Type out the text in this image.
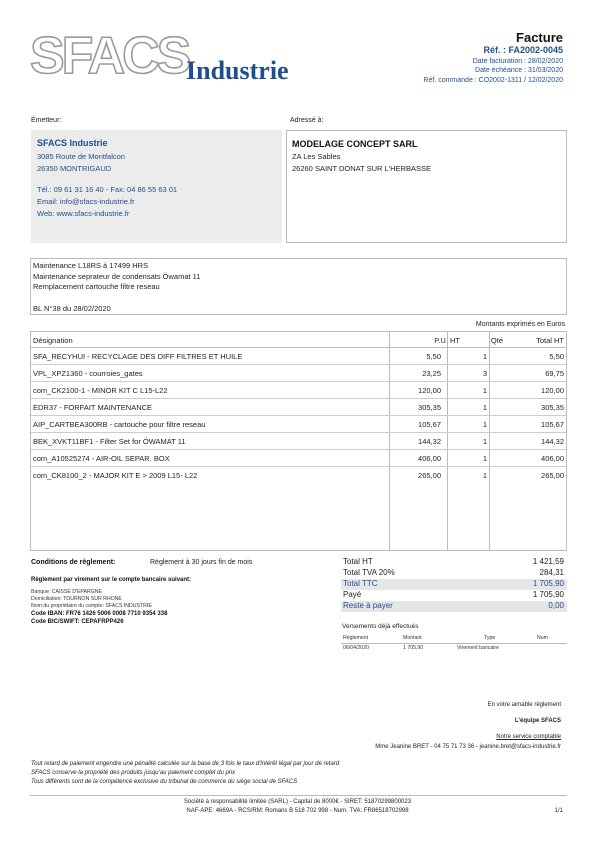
SFACS
Industrie
Facture
Réf. : FA2002-0045
Date facturation : 28/02/2020
Date échéance : 31/03/2020
Réf. commande : CO2002-1311 / 12/02/2020
Émetteur:
SFACS Industrie
3085 Route de Montfalcon
26350 MONTRIGAUD
Tél.: 09 61 31 16 40 - Fax: 04 86 55 63 01
Email: info@sfacs-industrie.fr
Web: www.sfacs-industrie.fr
Adressé à:
MODELAGE CONCEPT SARL
ZA Les Sables
26260 SAINT DONAT SUR L'HERBASSE
Maintenance L18RS à 17499 HRS
Maintenance seprateur de condensats Öwamat 11
Remplacement cartouche filtre reseau
BL N°38 du 28/02/2020
Montants exprimés en Euros
Désignation	P.U. HT	Qté	Total HT
SFA_RECYHUI - RECYCLAGE DES DIFF FILTRES ET HUILE	5,50	1	5,50
VPL_XPZ1360 - courroies_gates	23,25	3	69,75
com_CK2100-1 - MINOR KIT C L15-L22	120,00	1	120,00
EDR37 - FORFAIT MAINTENANCE	305,35	1	305,35
AIP_CARTBEA300RB - cartouche pour filtre reseau	105,67	1	105,67
BEK_XVKT11BF1 - Filter Set for ÖWAMAT 11	144,32	1	144,32
com_A10525274 - AIR-OIL SEPAR. BOX	406,00	1	406,00
com_CK8100_2 - MAJOR KIT E > 2009 L15- L22	265,00	1	265,00
Conditions de règlement:	Règlement à 30 jours fin de mois
Règlement par virement sur le compte bancaire suivant:
Banque: CAISSE D'EPARGNE
Domiciliation: TOURNON SUR RHONE
Nom du propriétaire du compte: SFACS INDUSTRIE
Code IBAN: FR76 1426 5006 0008 7710 9354 338
Code BIC/SWIFT: CEPAFRPP426
Total HT	1 421,59
Total TVA 20%	284,31
Total TTC	1 705,90
Payé	1 705,90
Reste à payer	0,00
Versements déjà effectués
Règlement	Montant	Type	Num
06/04/2020	1 705,90	Virement bancaire
En votre aimable règlement
L'équipe SFACS
Notre service comptable
Mme Jeanine BRET - 04 75 71 73 36 - jeanine.bret@sfacs-industrie.fr
Tout retard de paiement engendre une pénalité calculée sur la base de 3 fois le taux d'intérêt légal par jour de retard
SFACS conserve la propriété des produits jusqu'au paiement complet du prix
Tous différents sont de la compétence exclusive du tribunal de commerce du siège social de SFACS
Société à responsabilité limitée (SARL) - Capital de 8000€ - SIRET: 51870299800023
NAF-APE: 4669A - RCS/RM: Romans B 518 702 998 - Num. TVA: FR86518702998	1/1
